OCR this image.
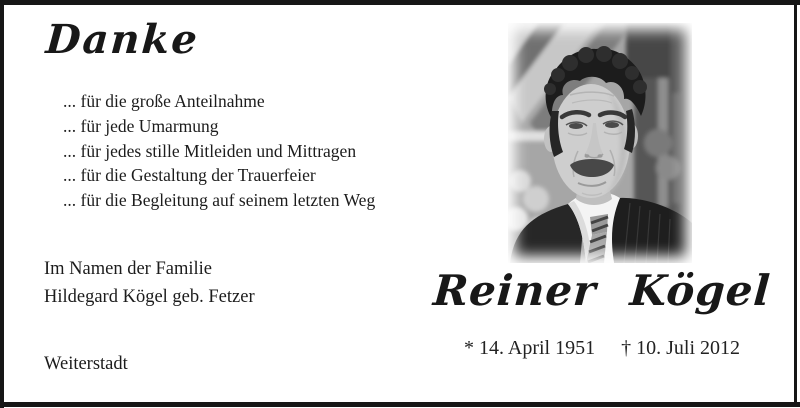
Danke
... für die große Anteilnahme
... für jede Umarmung
... für jedes stille Mitleiden und Mittragen
... für die Gestaltung der Trauerfeier
... für die Begleitung auf seinem letzten Weg
Im Namen der Familie
Hildegard Kögel geb. Fetzer
Weiterstadt
Reiner Kögel
* 14. April 1951 † 10. Juli 2012
